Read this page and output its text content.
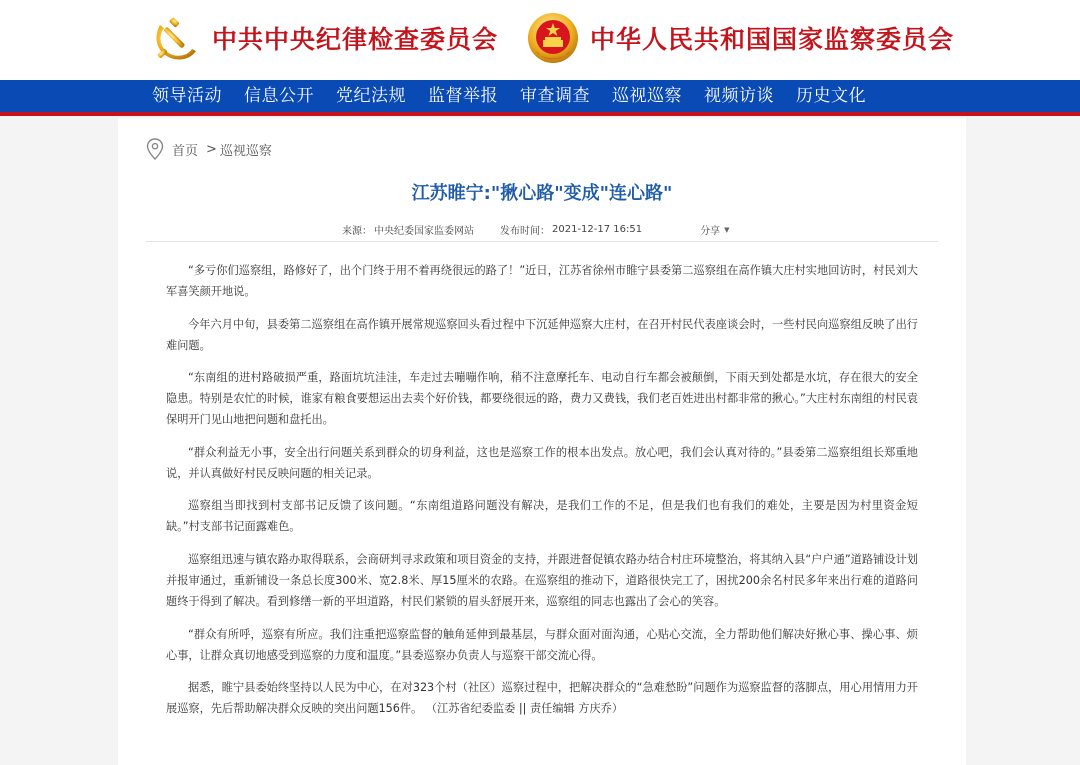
中共中央纪律检查委员会	中华人民共和国国家监察委员会
领导活动 信息公开 党纪法规 监督举报 审查调查 巡视巡察 视频访谈 历史文化
首页 > 巡视巡察
江苏睢宁:"揪心路"变成"连心路"
来源： 中央纪委国家监委网站	发布时间： 2021-12-17 16:51	分享 ▼

“多亏你们巡察组，路修好了，出个门终于用不着再绕很远的路了！”近日，江苏省徐州市睢宁县委第二巡察组在高作镇大庄村实地回访时，村民刘大军喜笑颜开地说。

今年六月中旬，县委第二巡察组在高作镇开展常规巡察回头看过程中下沉延伸巡察大庄村，在召开村民代表座谈会时，一些村民向巡察组反映了出行难问题。

“东南组的进村路破损严重，路面坑坑洼洼，车走过去嘣嘣作响，稍不注意摩托车、电动自行车都会被颠倒，下雨天到处都是水坑，存在很大的安全隐患。特别是农忙的时候，谁家有粮食要想运出去卖个好价钱，都要绕很远的路，费力又费钱，我们老百姓进出村都非常的揪心。”大庄村东南组的村民袁保明开门见山地把问题和盘托出。

“群众利益无小事，安全出行问题关系到群众的切身利益，这也是巡察工作的根本出发点。放心吧，我们会认真对待的。”县委第二巡察组组长郑重地说，并认真做好村民反映问题的相关记录。

巡察组当即找到村支部书记反馈了该问题。“东南组道路问题没有解决，是我们工作的不足，但是我们也有我们的难处，主要是因为村里资金短缺。”村支部书记面露难色。

巡察组迅速与镇农路办取得联系，会商研判寻求政策和项目资金的支持，并跟进督促镇农路办结合村庄环境整治，将其纳入县“户户通”道路铺设计划并报审通过，重新铺设一条总长度300米、宽2.8米、厚15厘米的农路。在巡察组的推动下，道路很快完工了，困扰200余名村民多年来出行难的道路问题终于得到了解决。看到修缮一新的平坦道路，村民们紧锁的眉头舒展开来，巡察组的同志也露出了会心的笑容。

“群众有所呼，巡察有所应。我们注重把巡察监督的触角延伸到最基层，与群众面对面沟通，心贴心交流，全力帮助他们解决好揪心事、操心事、烦心事，让群众真切地感受到巡察的力度和温度。”县委巡察办负责人与巡察干部交流心得。

据悉，睢宁县委始终坚持以人民为中心，在对323个村（社区）巡察过程中，把解决群众的“急难愁盼”问题作为巡察监督的落脚点，用心用情用力开展巡察，先后帮助解决群众反映的突出问题156件。 （江苏省纪委监委 || 责任编辑 方庆乔）
